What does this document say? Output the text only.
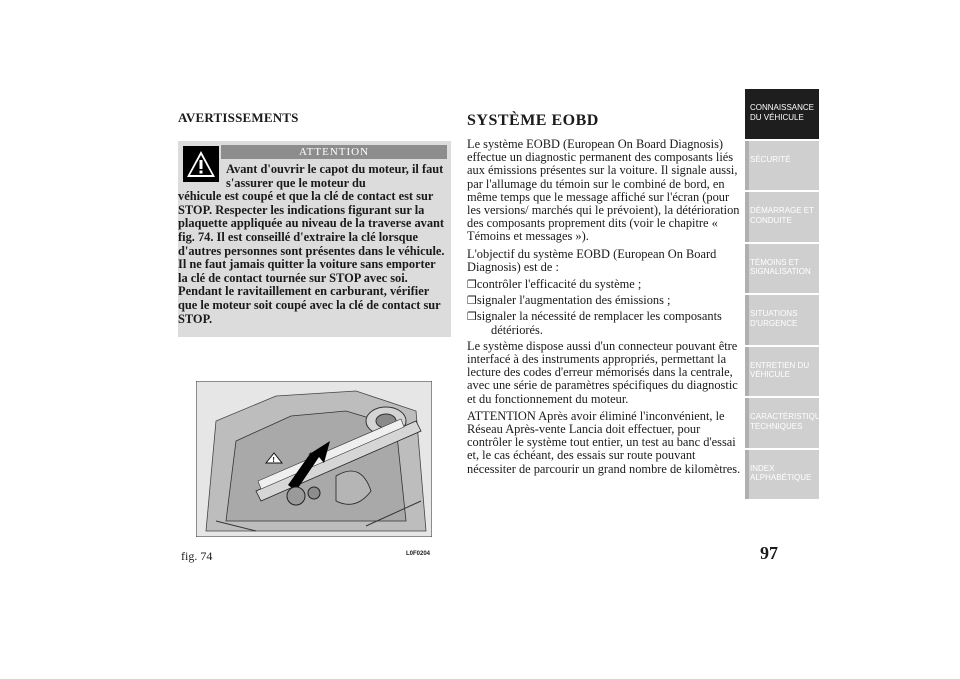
AVERTISSEMENTS
ATTENTION
Avant d'ouvrir le capot du moteur, il faut s'assurer que le moteur du
véhicule est coupé et que la clé de contact est sur STOP. Respecter les indications figurant sur la plaquette appliquée au niveau de la traverse avant fig. 74. Il est conseillé d'extraire la clé lorsque d'autres personnes sont présentes dans le véhicule. Il ne faut jamais quitter la voiture sans emporter la clé de contact tournée sur STOP avec soi. Pendant le ravitaillement en carburant, vérifier que le moteur soit coupé avec la clé de contact sur STOP.
!
fig. 74	L0F0204
SYSTÈME EOBD

Le système EOBD (European On Board Diagnosis) effectue un diagnostic permanent des composants liés aux émissions présentes sur la voiture. Il signale aussi, par l'allumage du témoin sur le combiné de bord, en même temps que le message affiché sur l'écran (pour les versions/ marchés qui le prévoient), la détérioration des composants proprement dits (voir le chapitre « Témoins et messages »).

L'objectif du système EOBD (European On Board Diagnosis) est de :

❒contrôler l'efficacité du système ;

❒signaler l'augmentation des émissions ;

❒signaler la nécessité de remplacer les composants détériorés.

Le système dispose aussi d'un connecteur pouvant être interfacé à des instruments appropriés, permettant la lecture des codes d'erreur mémorisés dans la centrale, avec une série de paramètres spécifiques du diagnostic et du fonctionnement du moteur.

ATTENTION Après avoir éliminé l'inconvénient, le Réseau Après-vente Lancia doit effectuer, pour contrôler le système tout entier, un test au banc d'essai et, le cas échéant, des essais sur route pouvant nécessiter de parcourir un grand nombre de kilomètres.

CONNAISSANCE DU VÉHICULE
SÉCURITÉ
DÉMARRAGE ET CONDUITE
TÉMOINS ET SIGNALISATION
SITUATIONS D'URGENCE
ENTRETIEN DU VÉHICULE
CARACTÉRISTIQUES TECHNIQUES
INDEX ALPHABÉTIQUE
97
